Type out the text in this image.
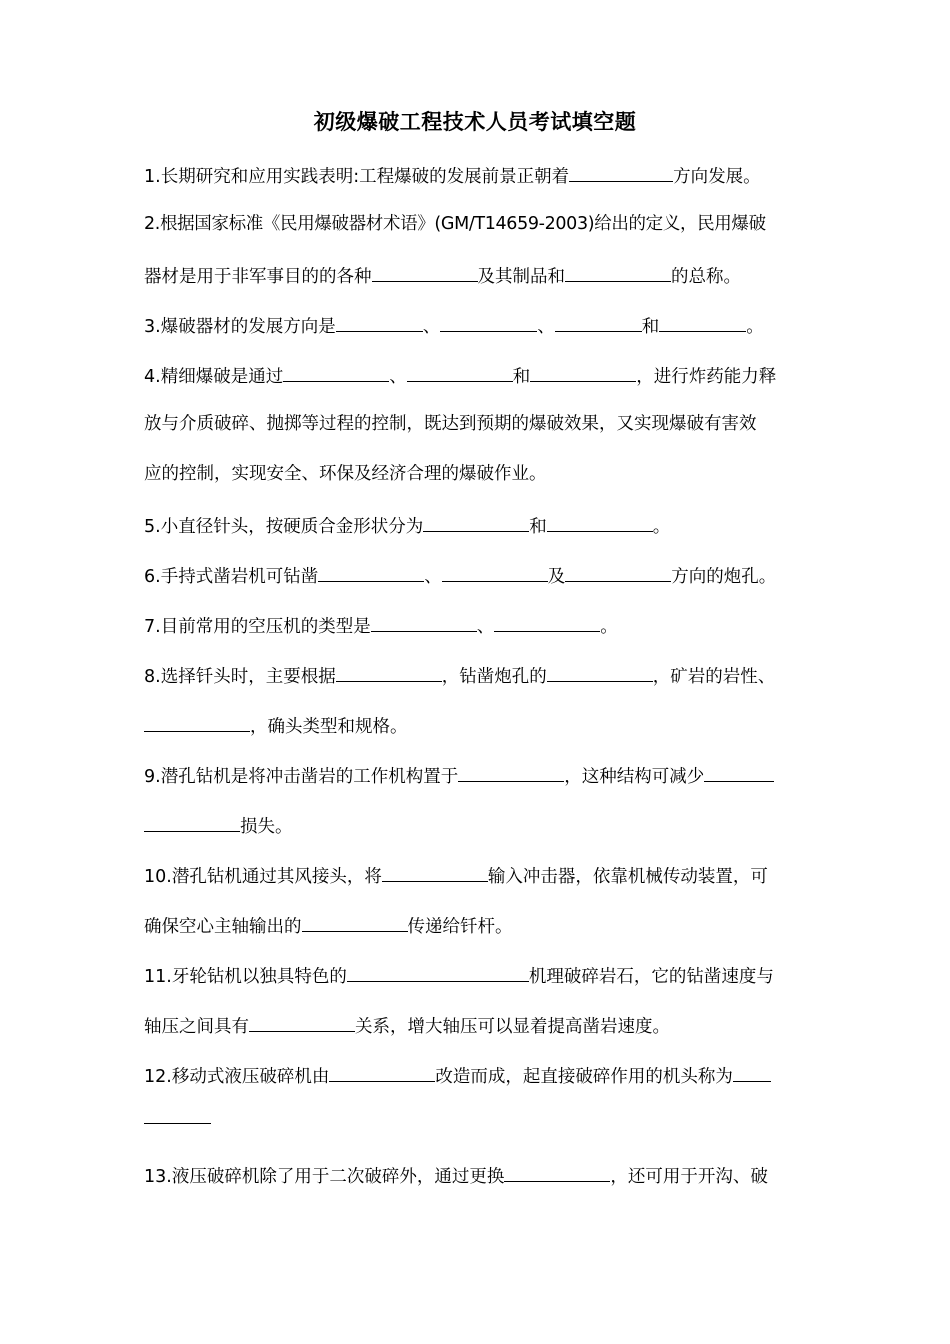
初级爆破工程技术人员考试填空题
1.长期研究和应用实践表明:工程爆破的发展前景正朝着	方向发展。
2.根据国家标准《民用爆破器材术语》(GM/T14659-2003)给出的定义，民用爆破
器材是用于非军事目的的各种	及其制品和	的总称。
3.爆破器材的发展方向是	、	、	和	。
4.精细爆破是通过	、	和	，进行炸药能力释
放与介质破碎、抛掷等过程的控制，既达到预期的爆破效果，又实现爆破有害效
应的控制，实现安全、环保及经济合理的爆破作业。
5.小直径针头，按硬质合金形状分为	和	。
6.手持式凿岩机可钻凿	、	及	方向的炮孔。
7.目前常用的空压机的类型是	、	。
8.选择钎头时，主要根据	，钻凿炮孔的	，矿岩的岩性、
，确头类型和规格。
9.潜孔钻机是将冲击凿岩的工作机构置于	，这种结构可减少
损失。
10.潜孔钻机通过其风接头，将	输入冲击器，依靠机械传动装置，可
确保空心主轴输出的	传递给钎杆。
11.牙轮钻机以独具特色的	机理破碎岩石，它的钻凿速度与
轴压之间具有	关系，增大轴压可以显着提高凿岩速度。
12.移动式液压破碎机由	改造而成，起直接破碎作用的机头称为
13.液压破碎机除了用于二次破碎外，通过更换	，还可用于开沟、破
